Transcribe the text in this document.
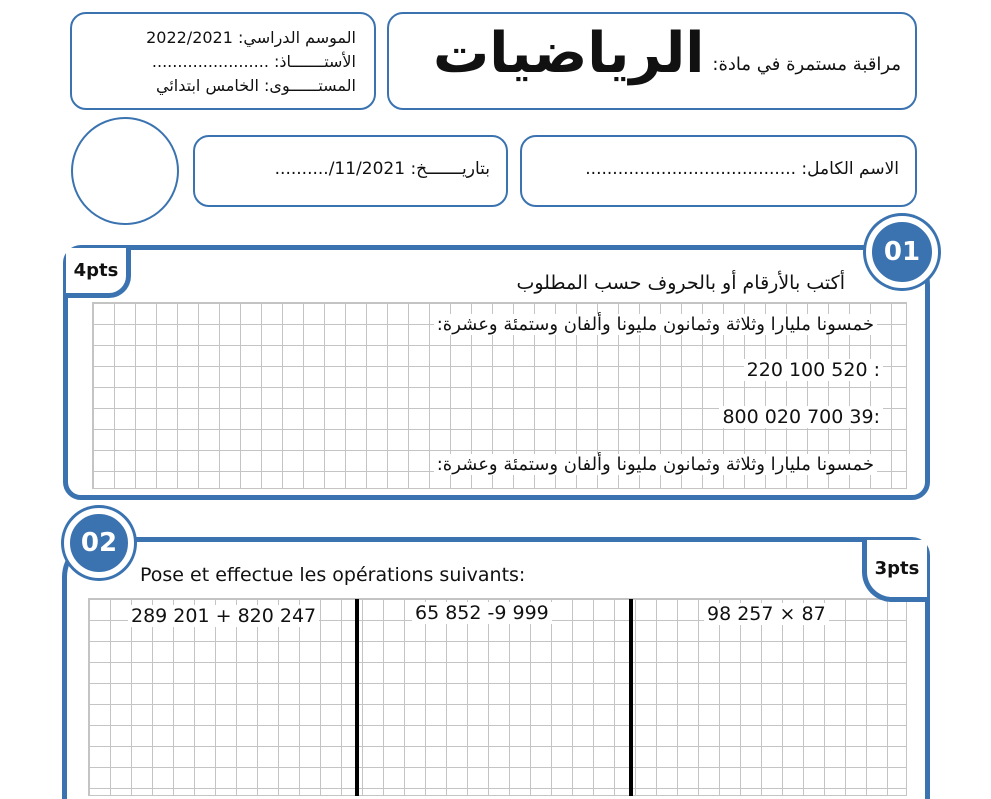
مراقبة مستمرة في مادة:
الرياضيات
الموسم الدراسي: 2022/2021
الأستـــــــاذ: .......................
المستــــــوى: الخامس ابتدائي
الاسم الكامل: .......................................
بتاريـــــــخ: 11/2021/..........
4pts
01
أكتب بالأرقام أو بالحروف حسب المطلوب
خمسونا مليارا وثلاثة وثمانون مليونا وألفان وستمئة وعشرة:
: 520 100 220
:39 700 020 800
خمسونا مليارا وثلاثة وثمانون مليونا وألفان وستمئة وعشرة:
3pts
02
Pose et effectue les opérations suivants:
289 201 + 820 247	65 852 -9 999	98 257 × 87
